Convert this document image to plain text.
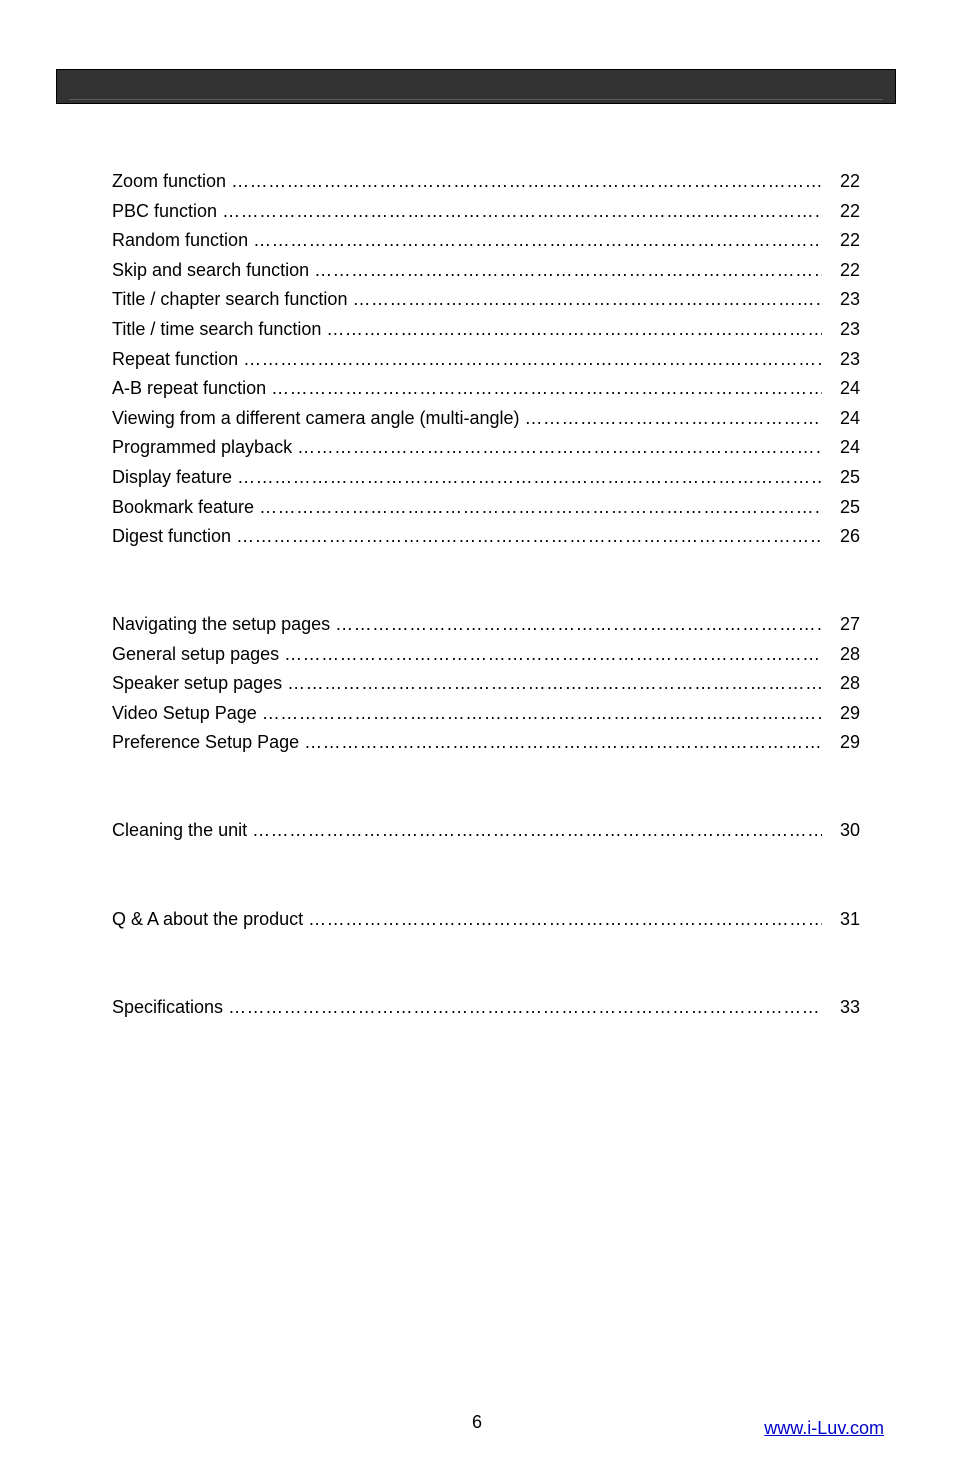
Zoom function …………………………………………………………………………………………………………………………………………………………	22
PBC function …………………………………………………………………………………………………………………………………………………………	22
Random function …………………………………………………………………………………………………………………………………………………………	22
Skip and search function …………………………………………………………………………………………………………………………………………………………	22
Title / chapter search function …………………………………………………………………………………………………………………………………………………………	23
Title / time search function …………………………………………………………………………………………………………………………………………………………	23
Repeat function …………………………………………………………………………………………………………………………………………………………	23
A-B repeat function …………………………………………………………………………………………………………………………………………………………	24
Viewing from a different camera angle (multi-angle) …………………………………………………………………………………………………………………………………………………………	24
Programmed playback …………………………………………………………………………………………………………………………………………………………	24
Display feature …………………………………………………………………………………………………………………………………………………………	25
Bookmark feature …………………………………………………………………………………………………………………………………………………………	25
Digest function …………………………………………………………………………………………………………………………………………………………	26
Navigating the setup pages …………………………………………………………………………………………………………………………………………………………	27
General setup pages …………………………………………………………………………………………………………………………………………………………	28
Speaker setup pages …………………………………………………………………………………………………………………………………………………………	28
Video Setup Page …………………………………………………………………………………………………………………………………………………………	29
Preference Setup Page …………………………………………………………………………………………………………………………………………………………	29
Cleaning the unit …………………………………………………………………………………………………………………………………………………………	30
Q & A about the product …………………………………………………………………………………………………………………………………………………………	31
Specifications …………………………………………………………………………………………………………………………………………………………	33
6	www.i-Luv.com
